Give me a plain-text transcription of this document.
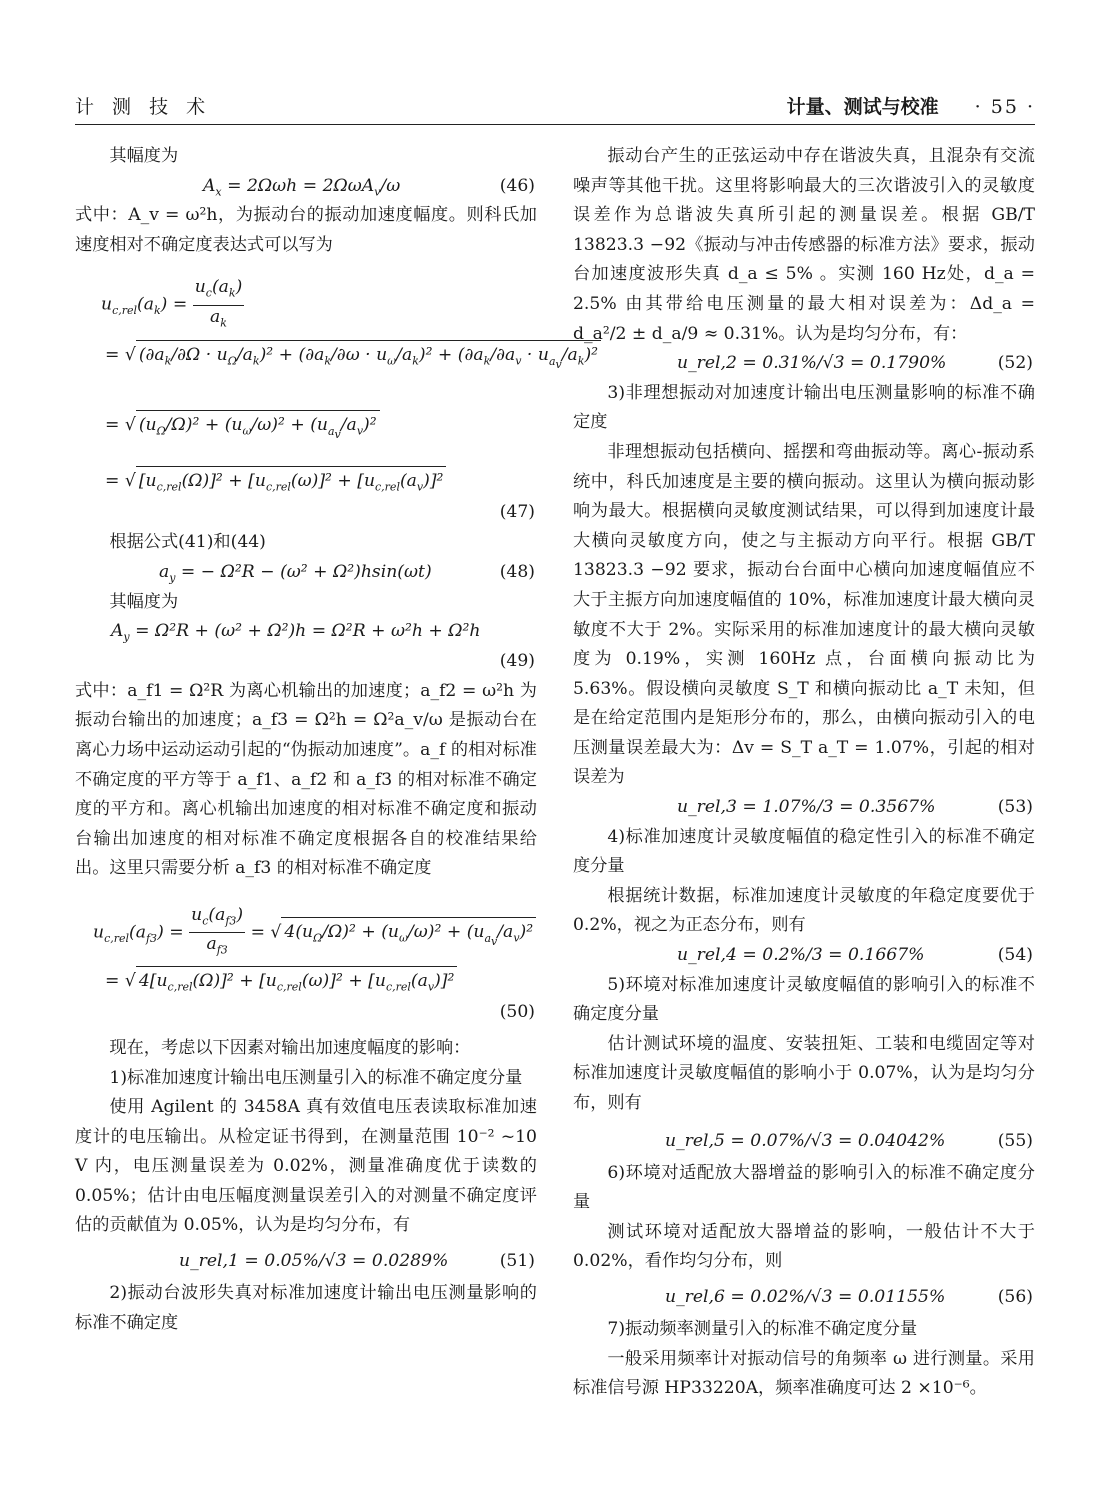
计 测 技 术	计量、测试与校准 · 55 ·

其幅度为

$A_x = 2\Omega\omega h = 2\Omega\omega A_v/\omega$	(46)

式中：A_v = ω²h，为振动台的振动加速度幅度。则科氏加速度相对不确定度表达式可以写为

$u_{c,rel}(a_k) = \frac{u_c(a_k)}{a_k}$
= √ $(\partial a_k/\partial\Omega \cdot u_\Omega/a_k)^2 + (\partial a_k/\partial\omega \cdot u_\omega/a_k)^2 + (\partial a_k/\partial a_v \cdot u_{a_v}/a_k)^2$
= √ $(u_\Omega/\Omega)^2 + (u_\omega/\omega)^2 + (u_{a_v}/a_v)^2$
= √ $[u_{c,rel}(\Omega)]^2 + [u_{c,rel}(\omega)]^2 + [u_{c,rel}(a_v)]^2$
(47)

根据公式(41)和(44)

$a_y$ = − Ω²R − (ω² + Ω²)hsin(ωt)	(48)

其幅度为

$A_y = \Omega^2R + (\omega^2 + \Omega^2)h = \Omega^2R + \omega^2h + \Omega^2h$
(49)

式中：a_f1 = Ω²R 为离心机输出的加速度；a_f2 = ω²h 为振动台输出的加速度；a_f3 = Ω²h = Ω²a_v/ω 是振动台在离心力场中运动运动引起的“伪振动加速度”。a_f 的相对标准不确定度的平方等于 a_f1、a_f2 和 a_f3 的相对标准不确定度的平方和。离心机输出加速度的相对标准不确定度和振动台输出加速度的相对标准不确定度根据各自的校准结果给出。这里只需要分析 a_f3 的相对标准不确定度

$u_{c,rel}(a_{f3}) = \frac{u_c(a_{f3})}{a_{f3}}$ = √ $4(u_\Omega/\Omega)^2 + (u_\omega/\omega)^2 + (u_{a_v}/a_v)^2$
= √ $4[u_{c,rel}(\Omega)]^2 + [u_{c,rel}(\omega)]^2 + [u_{c,rel}(a_v)]^2$
(50)

现在，考虑以下因素对输出加速度幅度的影响：

1)标准加速度计输出电压测量引入的标准不确定度分量

使用 Agilent 的 3458A 真有效值电压表读取标准加速度计的电压输出。从检定证书得到，在测量范围 10⁻² ~10 V 内，电压测量误差为 0.02%，测量准确度优于读数的 0.05%；估计由电压幅度测量误差引入的对测量不确定度评估的贡献值为 0.05%，认为是均匀分布，有

u_rel,1 = 0.05%/√3 = 0.0289%	(51)

2)振动台波形失真对标准加速度计输出电压测量影响的标准不确定度

振动台产生的正弦运动中存在谐波失真，且混杂有交流噪声等其他干扰。这里将影响最大的三次谐波引入的灵敏度误差作为总谐波失真所引起的测量误差。根据 GB/T 13823.3 −92《振动与冲击传感器的标准方法》要求，振动台加速度波形失真 d_a ≤ 5% 。实测 160 Hz处，d_a = 2.5% 由其带给电压测量的最大相对误差为：Δd_a = d_a²/2 ± d_a/9 ≈ 0.31%。认为是均匀分布，有：

u_rel,2 = 0.31%/√3 = 0.1790%	(52)

3)非理想振动对加速度计输出电压测量影响的标准不确定度

非理想振动包括横向、摇摆和弯曲振动等。离心-振动系统中，科氏加速度是主要的横向振动。这里认为横向振动影响为最大。根据横向灵敏度测试结果，可以得到加速度计最大横向灵敏度方向，使之与主振动方向平行。根据 GB/T 13823.3 −92 要求，振动台台面中心横向加速度幅值应不大于主振方向加速度幅值的 10%，标准加速度计最大横向灵敏度不大于 2%。实际采用的标准加速度计的最大横向灵敏度为 0.19%，实测 160Hz 点，台面横向振动比为 5.63%。假设横向灵敏度 S_T 和横向振动比 a_T 未知，但是在给定范围内是矩形分布的，那么，由横向振动引入的电压测量误差最大为：Δv = S_T a_T = 1.07%，引起的相对误差为

u_rel,3 = 1.07%/3 = 0.3567%	(53)

4)标准加速度计灵敏度幅值的稳定性引入的标准不确定度分量

根据统计数据，标准加速度计灵敏度的年稳定度要优于 0.2%，视之为正态分布，则有

u_rel,4 = 0.2%/3 = 0.1667%	(54)

5)环境对标准加速度计灵敏度幅值的影响引入的标准不确定度分量

估计测试环境的温度、安装扭矩、工装和电缆固定等对标准加速度计灵敏度幅值的影响小于 0.07%，认为是均匀分布，则有

u_rel,5 = 0.07%/√3 = 0.04042%	(55)

6)环境对适配放大器增益的影响引入的标准不确定度分量

测试环境对适配放大器增益的影响，一般估计不大于 0.02%，看作均匀分布，则

u_rel,6 = 0.02%/√3 = 0.01155%	(56)

7)振动频率测量引入的标准不确定度分量

一般采用频率计对振动信号的角频率 ω 进行测量。采用标准信号源 HP33220A，频率准确度可达 2 ×10⁻⁶。
